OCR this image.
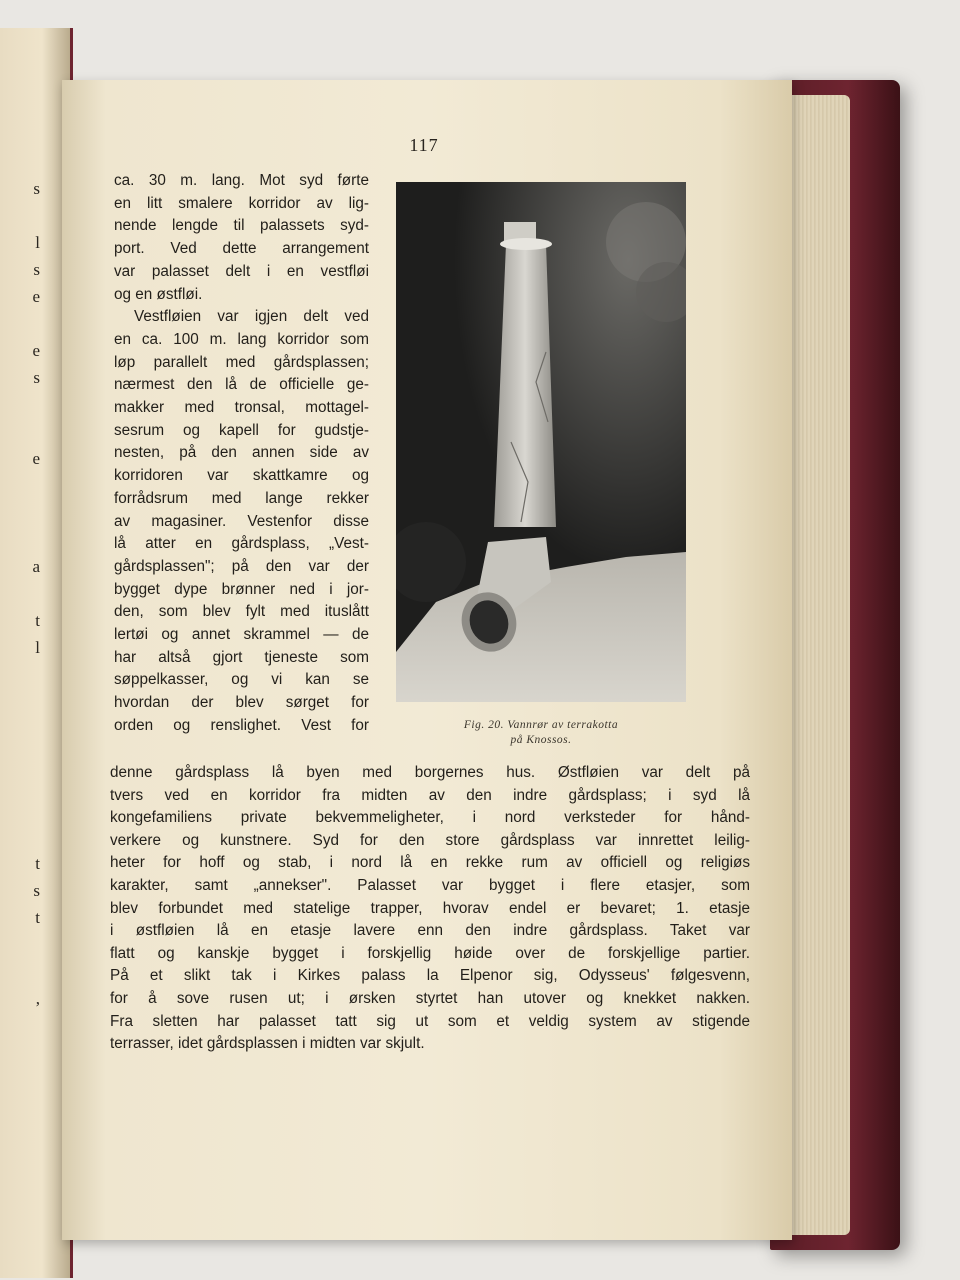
s

l
s
e

e
s

e

a

t
l

t
s
t

,
117
ca. 30 m. lang. Mot syd førte
en litt smalere korridor av lig-
nende lengde til palassets syd-
port. Ved dette arrangement
var palasset delt i en vestfløi
og en østfløi.
Vestfløien var igjen delt ved
en ca. 100 m. lang korridor som
løp parallelt med gårdsplassen;
nærmest den lå de officielle ge-
makker med tronsal, mottagel-
sesrum og kapell for gudstje-
nesten, på den annen side av
korridoren var skattkamre og
forrådsrum med lange rekker
av magasiner. Vestenfor disse
lå atter en gårdsplass, „Vest-
gårdsplassen"; på den var der
bygget dype brønner ned i jor-
den, som blev fylt med ituslått
lertøi og annet skrammel — de
har altså gjort tjeneste som
søppelkasser, og vi kan se
hvordan der blev sørget for
orden og renslighet. Vest for	Fig. 20. Vannrør av terrakotta
på Knossos.
denne gårdsplass lå byen med borgernes hus. Østfløien var delt på
tvers ved en korridor fra midten av den indre gårdsplass; i syd lå
kongefamiliens private bekvemmeligheter, i nord verksteder for hånd-
verkere og kunstnere. Syd for den store gårdsplass var innrettet leilig-
heter for hoff og stab, i nord lå en rekke rum av officiell og religiøs
karakter, samt „annekser". Palasset var bygget i flere etasjer, som
blev forbundet med statelige trapper, hvorav endel er bevaret; 1. etasje
i østfløien lå en etasje lavere enn den indre gårdsplass. Taket var
flatt og kanskje bygget i forskjellig høide over de forskjellige partier.
På et slikt tak i Kirkes palass la Elpenor sig, Odysseus' følgesvenn,
for å sove rusen ut; i ørsken styrtet han utover og knekket nakken.
Fra sletten har palasset tatt sig ut som et veldig system av stigende
terrasser, idet gårdsplassen i midten var skjult.
